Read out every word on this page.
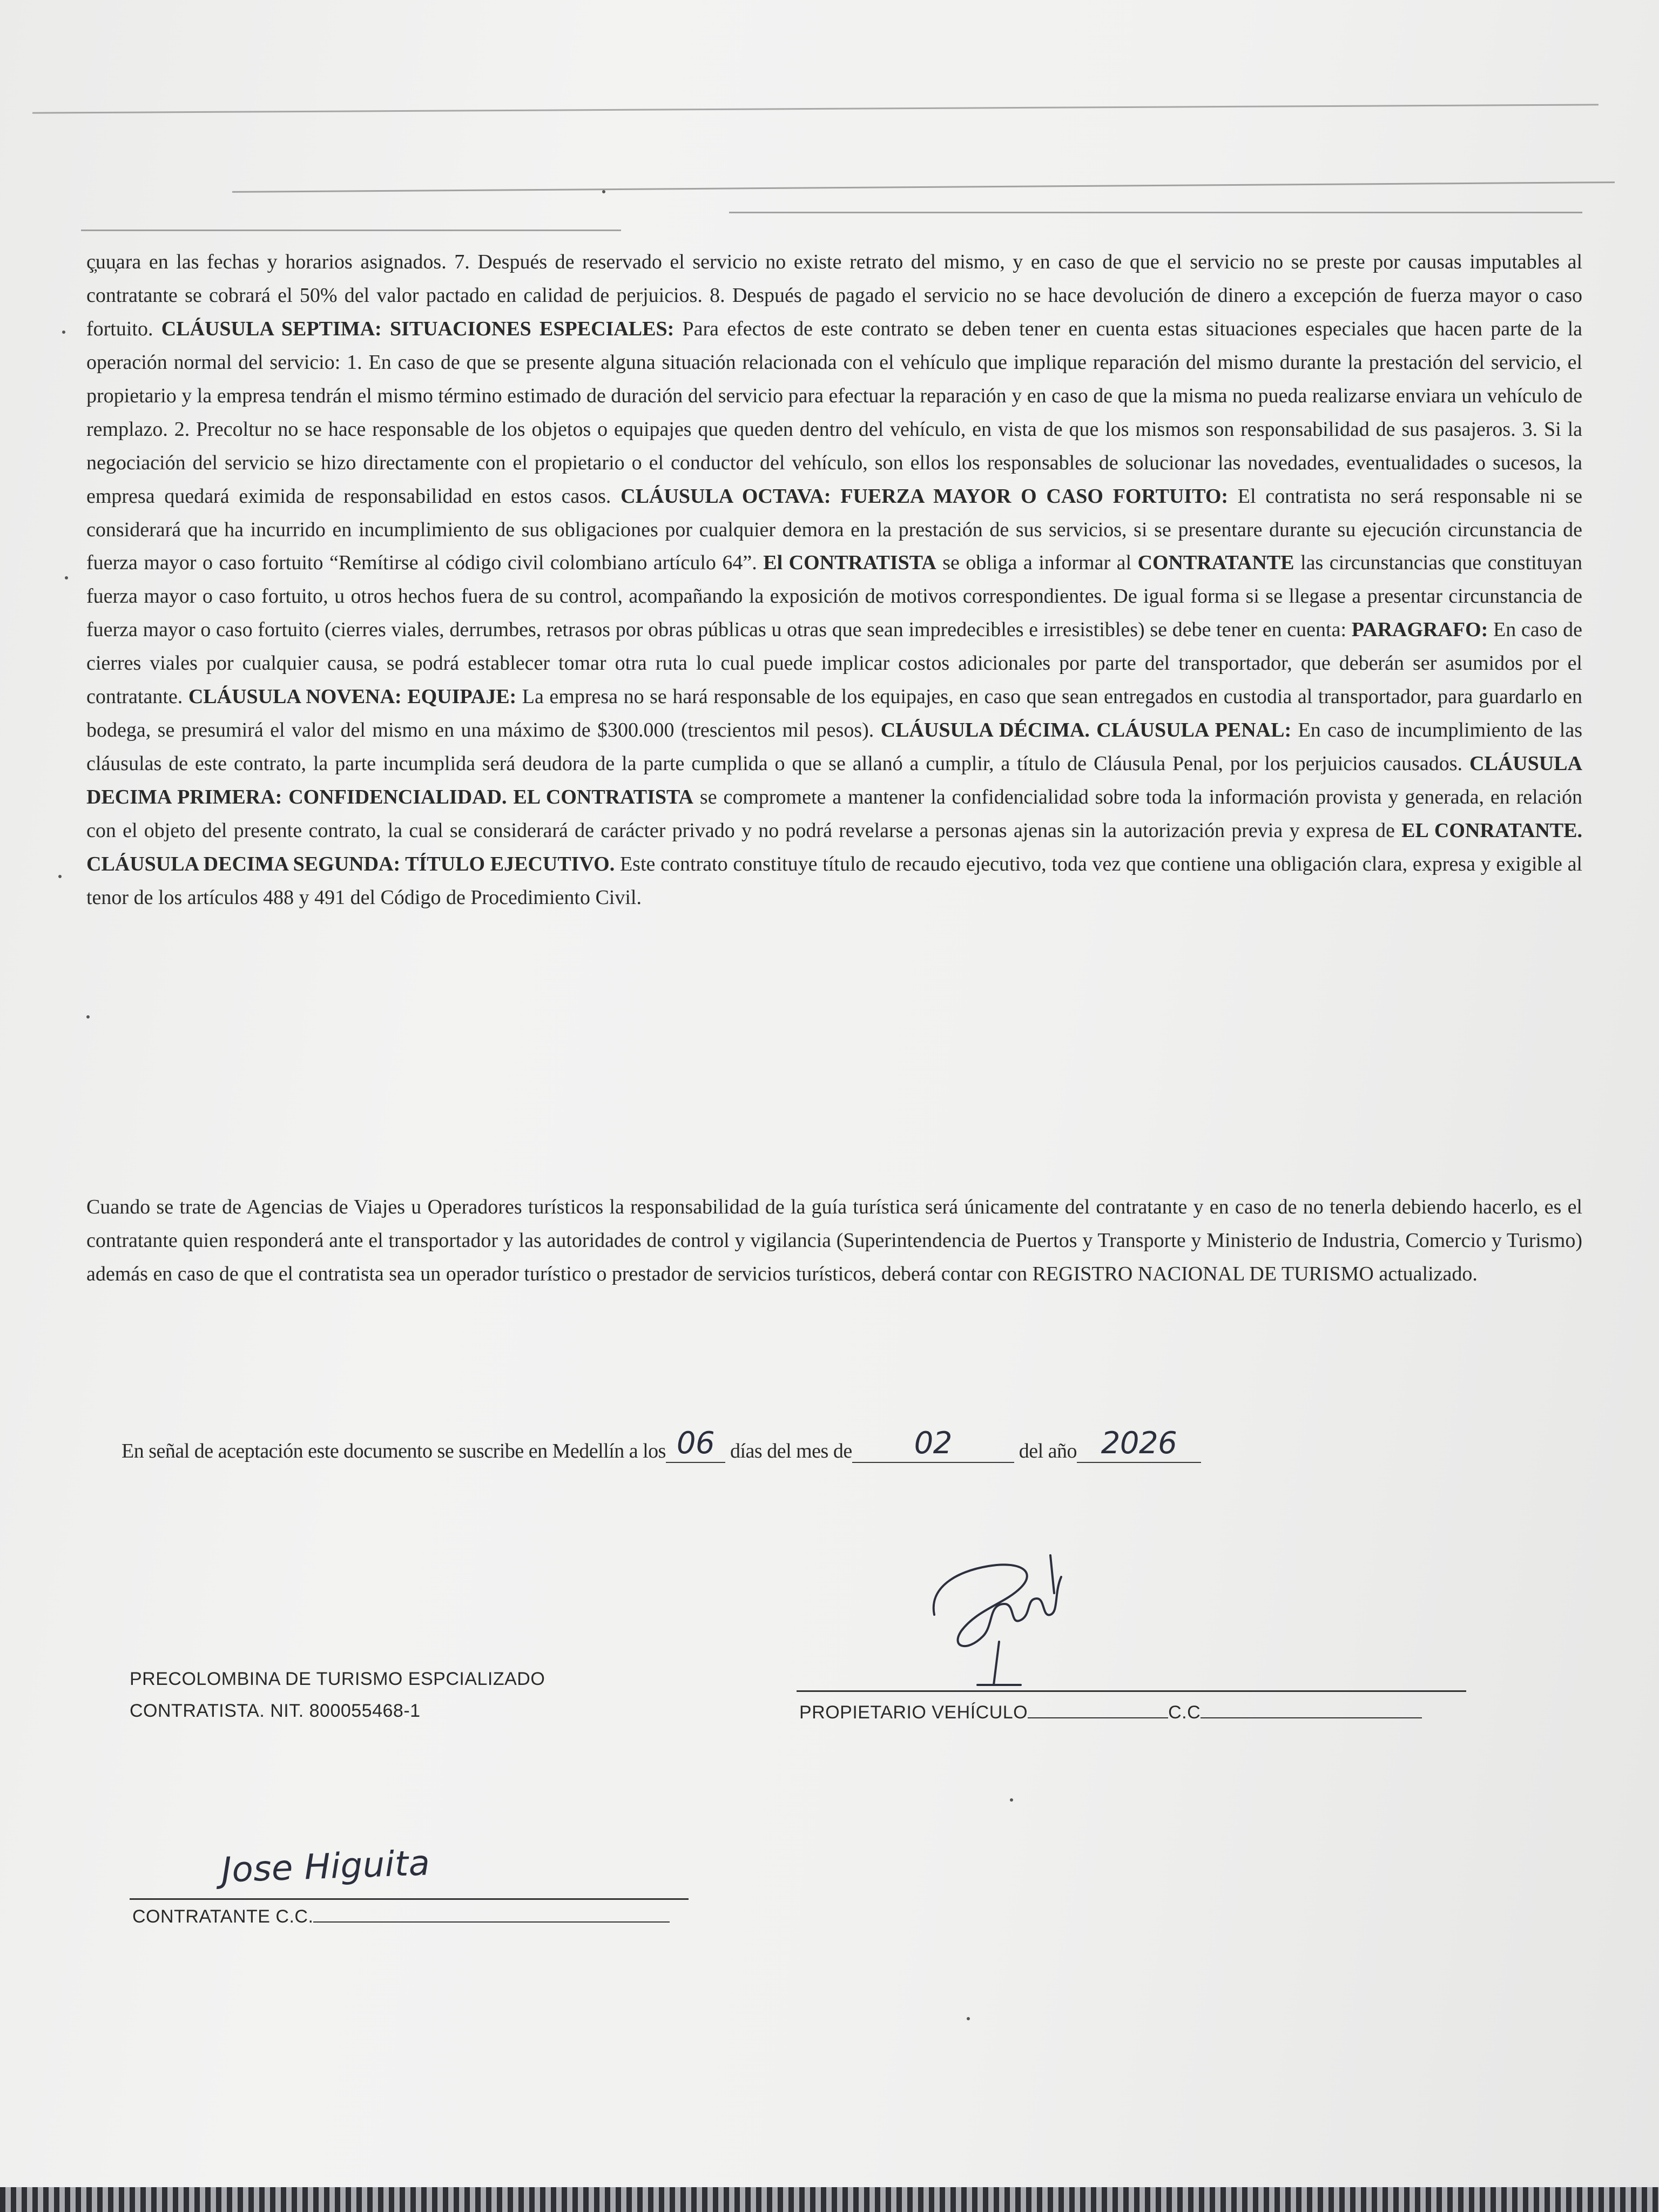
ç̦uu̦ara en las fechas y horarios asignados. 7. Después de reservado el servicio no existe retrato del mismo, y en caso de que el servicio no se preste por causas imputables al contratante se cobrará el 50% del valor pactado en calidad de perjuicios. 8. Después de pagado el servicio no se hace devolución de dinero a excepción de fuerza mayor o caso fortuito. CLÁUSULA SEPTIMA: SITUACIONES ESPECIALES: Para efectos de este contrato se deben tener en cuenta estas situaciones especiales que hacen parte de la operación normal del servicio: 1. En caso de que se presente alguna situación relacionada con el vehículo que implique reparación del mismo durante la prestación del servicio, el propietario y la empresa tendrán el mismo término estimado de duración del servicio para efectuar la reparación y en caso de que la misma no pueda realizarse enviara un vehículo de remplazo. 2. Precoltur no se hace responsable de los objetos o equipajes que queden dentro del vehículo, en vista de que los mismos son responsabilidad de sus pasajeros. 3. Si la negociación del servicio se hizo directamente con el propietario o el conductor del vehículo, son ellos los responsables de solucionar las novedades, eventualidades o sucesos, la empresa quedará eximida de responsabilidad en estos casos. CLÁUSULA OCTAVA: FUERZA MAYOR O CASO FORTUITO: El contratista no será responsable ni se considerará que ha incurrido en incumplimiento de sus obligaciones por cualquier demora en la prestación de sus servicios, si se presentare durante su ejecución circunstancia de fuerza mayor o caso fortuito “Remítirse al código civil colombiano artículo 64”. El CONTRATISTA se obliga a informar al CONTRATANTE las circunstancias que constituyan fuerza mayor o caso fortuito, u otros hechos fuera de su control, acompañando la exposición de motivos correspondientes. De igual forma si se llegase a presentar circunstancia de fuerza mayor o caso fortuito (cierres viales, derrumbes, retrasos por obras públicas u otras que sean impredecibles e irresistibles) se debe tener en cuenta: PARAGRAFO: En caso de cierres viales por cualquier causa, se podrá establecer tomar otra ruta lo cual puede implicar costos adicionales por parte del transportador, que deberán ser asumidos por el contratante. CLÁUSULA NOVENA: EQUIPAJE: La empresa no se hará responsable de los equipajes, en caso que sean entregados en custodia al transportador, para guardarlo en bodega, se presumirá el valor del mismo en una máximo de $300.000 (trescientos mil pesos). CLÁUSULA DÉCIMA. CLÁUSULA PENAL: En caso de incumplimiento de las cláusulas de este contrato, la parte incumplida será deudora de la parte cumplida o que se allanó a cumplir, a título de Cláusula Penal, por los perjuicios causados. CLÁUSULA DECIMA PRIMERA: CONFIDENCIALIDAD. EL CONTRATISTA se compromete a mantener la confidencialidad sobre toda la información provista y generada, en relación con el objeto del presente contrato, la cual se considerará de carácter privado y no podrá revelarse a personas ajenas sin la autorización previa y expresa de EL CONRATANTE. CLÁUSULA DECIMA SEGUNDA: TÍTULO EJECUTIVO. Este contrato constituye título de recaudo ejecutivo, toda vez que contiene una obligación clara, expresa y exigible al tenor de los artículos 488 y 491 del Código de Procedimiento Civil.

Cuando se trate de Agencias de Viajes u Operadores turísticos la responsabilidad de la guía turística será únicamente del contratante y en caso de no tenerla debiendo hacerlo, es el contratante quien responderá ante el transportador y las autoridades de control y vigilancia (Superintendencia de Puertos y Transporte y Ministerio de Industria, Comercio y Turismo) además en caso de que el contratista sea un operador turístico o prestador de servicios turísticos, deberá contar con REGISTRO NACIONAL DE TURISMO actualizado.

En señal de aceptación este documento se suscribe en Medellín a los 06 días del mes de	02	del año 2026
PRECOLOMBINA DE TURISMO ESPCIALIZADO
CONTRATISTA. NIT. 800055468-1	PROPIETARIO VEHÍCULO	C.C
Jose Higuita
CONTRATANTE C.C.
